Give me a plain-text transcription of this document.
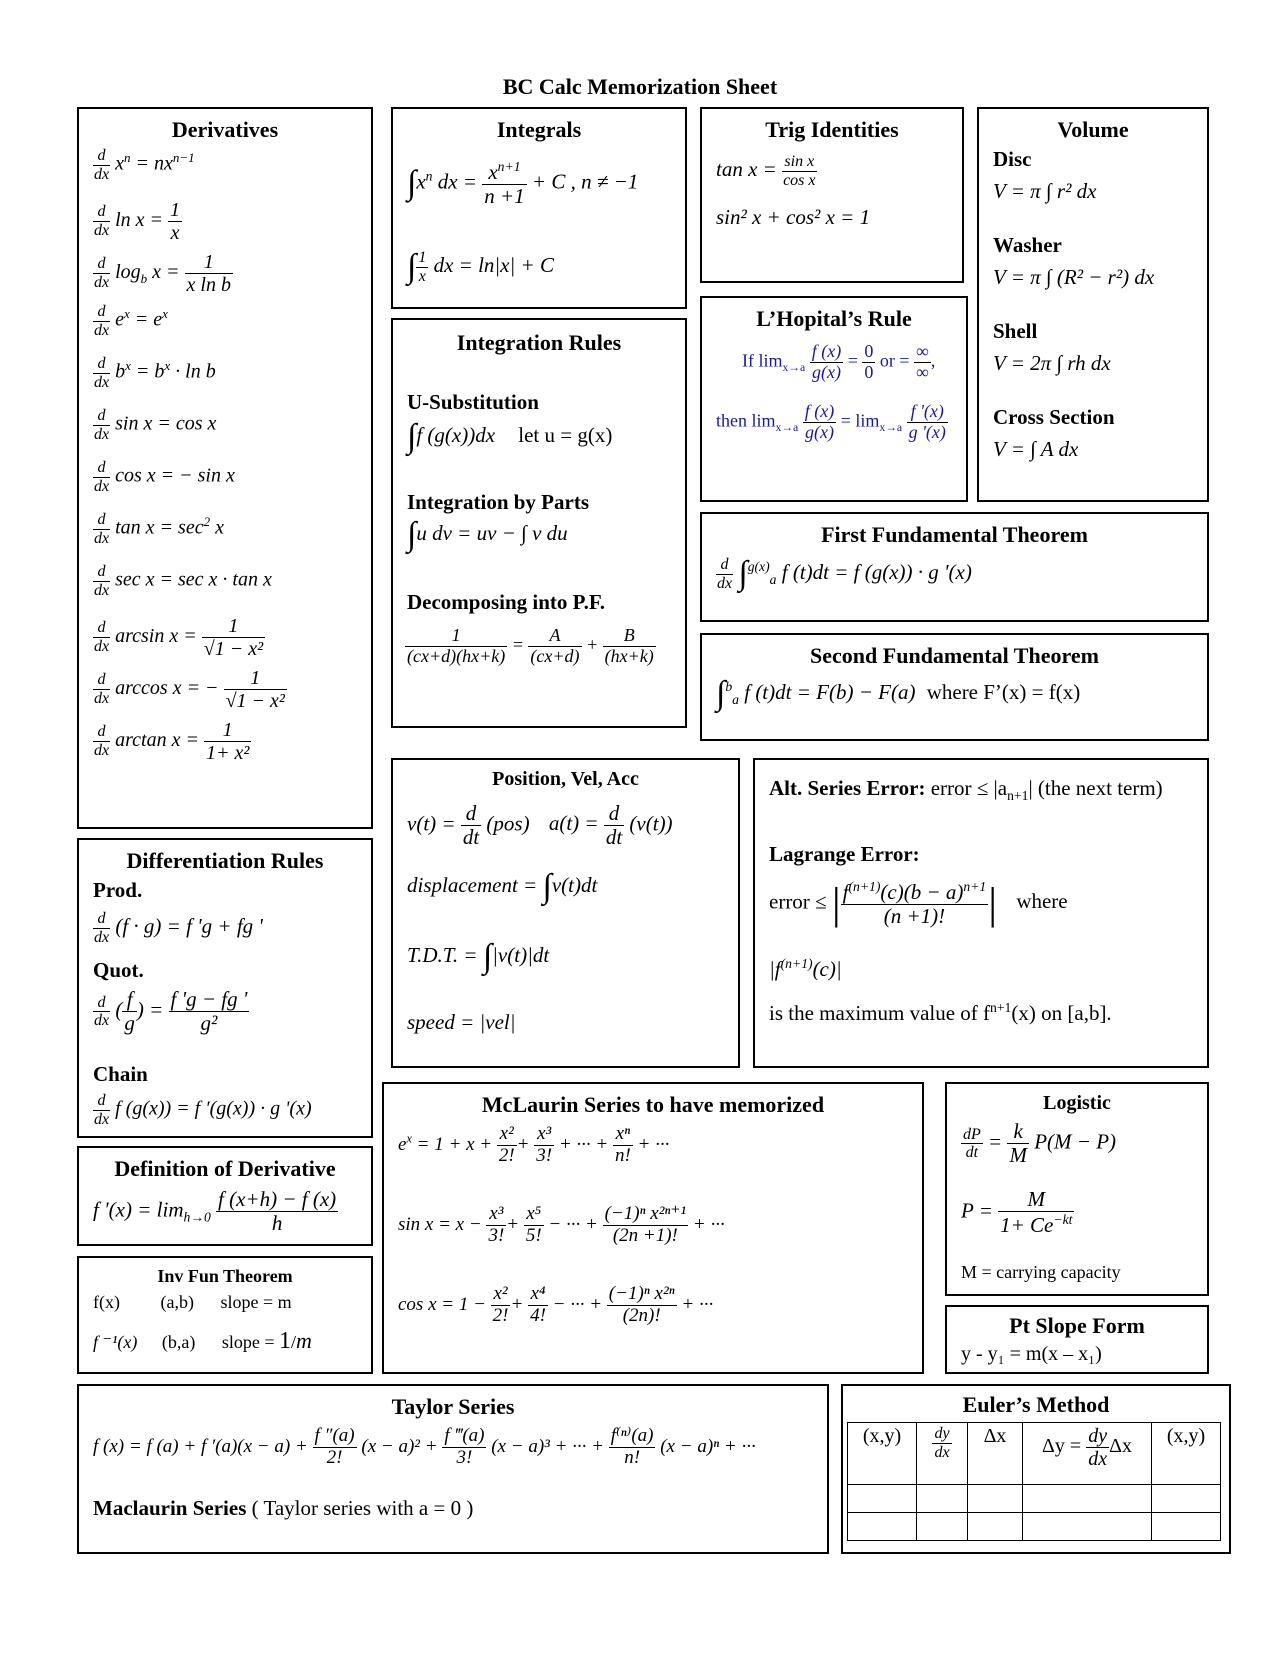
BC Calc Memorization Sheet
Derivatives
$\frac{d}{dx} x^n = nx^{n-1}$
$\frac{d}{dx}$ $\ln x = \frac{1}{x}$
$\frac{d}{dx} \log_b x = \frac{1}{\text{x ln b}}$
$\frac{d}{dx} e^x = e^x$
$\frac{d}{dx} b^x = b^x \cdot \ln b$
$\frac{d}{dx}$ sin x = cos x
$\frac{d}{dx}$ cos x = − sin x
$\frac{d}{dx}$ $\tan x = \sec^2 x$
$\frac{d}{dx}$ sec x = sec x · tan x
$\frac{d}{dx}$ $\arcsin x = \frac{1}{\text{√1 − x²}}$
$\frac{d}{dx}$ arccos x = − $\frac{1}{\text{√1 − x²}}$
$\frac{d}{dx}$ $\arctan x = \frac{1}{\text{1+ x²}}$
Integrals
$\int x^n$ dx = $\frac{x^{n+1}}{n +1} + C$ , n ≠ −1
∫ $\frac{1}{x}$ dx = ln|x| + C
Trig Identities
$\tan x = \frac{\text{sin x}}{\text{cos x}}$
sin² x + cos² x = 1
Volume
Disc
V = π ∫ r² dx
Washer
V = π ∫ (R² − r²) dx
Shell
V = 2π ∫ rh dx
Cross Section
V = ∫ A dx
L’Hopital’s Rule
If $\lim_{x\to a} \frac{f (x)}{g(x)} = \frac{0}{0}$ or = $\frac{\infty}{\infty}$ ,
then $\lim_{x\to a} \frac{f (x)}{g(x)} = \lim_{x\to a} \frac{f '(x)}{g '(x)}$
Integration Rules
U-Substitution
∫f (g(x))dx let u = g(x)
Integration by Parts
∫u dv = uv − ∫ v du
Decomposing into P.F.
$\frac{1}{(cx+d)(hx+k)} = \frac{A}{(cx+d)} + \frac{B}{(hx+k)}$
First Fundamental Theorem
$\frac{d}{dx} \int^{g(x)}_a$ f (t)dt = f (g(x)) · g '(x)
Second Fundamental Theorem
∫$^b_a$ f (t)dt = F(b) − F(a) where F’(x) = f(x)
Position, Vel, Acc
$v(t) = \frac{d}{dt} (pos) a(t) = \frac{d}{dt} (v(t))$
displacement = ∫v(t)dt
T.D.T. = ∫|v(t)|dt
speed = |vel|
Alt. Series Error: error ≤ $|a_{n+1}|$ (the next term)
Lagrange Error:
error ≤ | $\frac{f^{(n+1)}(c)(b - a)^{n+1}}{(n +1)!}$ | where
$|f^{(n+1)}(c)|$
is the maximum value of $f^{n+1}(x)$ on [a,b].
Differentiation Rules
Prod.
$\frac{d}{dx} (f \cdot g) = f$ 'g + fg '
Quot.
$\frac{d}{dx}$ ( $\frac{f}{g}$ ) = $\frac{f 'g - fg '}{\text{g²}}$
Chain
$\frac{d}{dx}$ f (g(x)) = f ′(g(x)) · g '(x)
Definition of Derivative
f $'(x) = \lim_{h\to 0} \frac{f (x+h) - f (x)}{h}$
Inv Fun Theorem
f(x) (a,b) slope = m
f ⁻¹(x) (b,a) slope = 1/m
McLaurin Series to have memorized
$e^x = 1 + x + \frac{\text{x²}}{2!} + \frac{\text{x³}}{3!}$ + ··· + $\frac{\text{xⁿ}}{n!}$ + ···
$\sin x = x - \frac{\text{x³}}{3!} + \frac{\text{x⁵}}{5!}$ − ··· + $\frac{\text{(−1)ⁿ x²ⁿ⁺¹}}{(2n +1)!}$ + ···
$\cos x = 1 - \frac{\text{x²}}{2!} + \frac{\text{x⁴}}{4!}$ − ··· + $\frac{\text{(−1)ⁿ x²ⁿ}}{(2n)!}$ + ···
Logistic
$\frac{dP}{dt} = \frac{k}{M} P(M - P)$
$P = \frac{M}{1+ Ce^{-kt}}$
M = carrying capacity
Pt Slope Form
y - y₁ = m(x – x₁)
Taylor Series
f (x) = f (a) + f $'(a)(x - a) + \frac{f ''(a)}{2!} (x - a)^2 + \frac{f ‴(a)}{3!} (x - a)^3$ + ··· + $\frac{\text{f⁽ⁿ⁾(a)}}{n!} (x - a)^n$ + ···
Maclaurin Series ( Taylor series with a = 0 )
Euler’s Method
(x,y)	$\frac{dy}{dx}$	Δx	$\Delta y = \frac{dy}{dx}$ Δx	(x,y)
